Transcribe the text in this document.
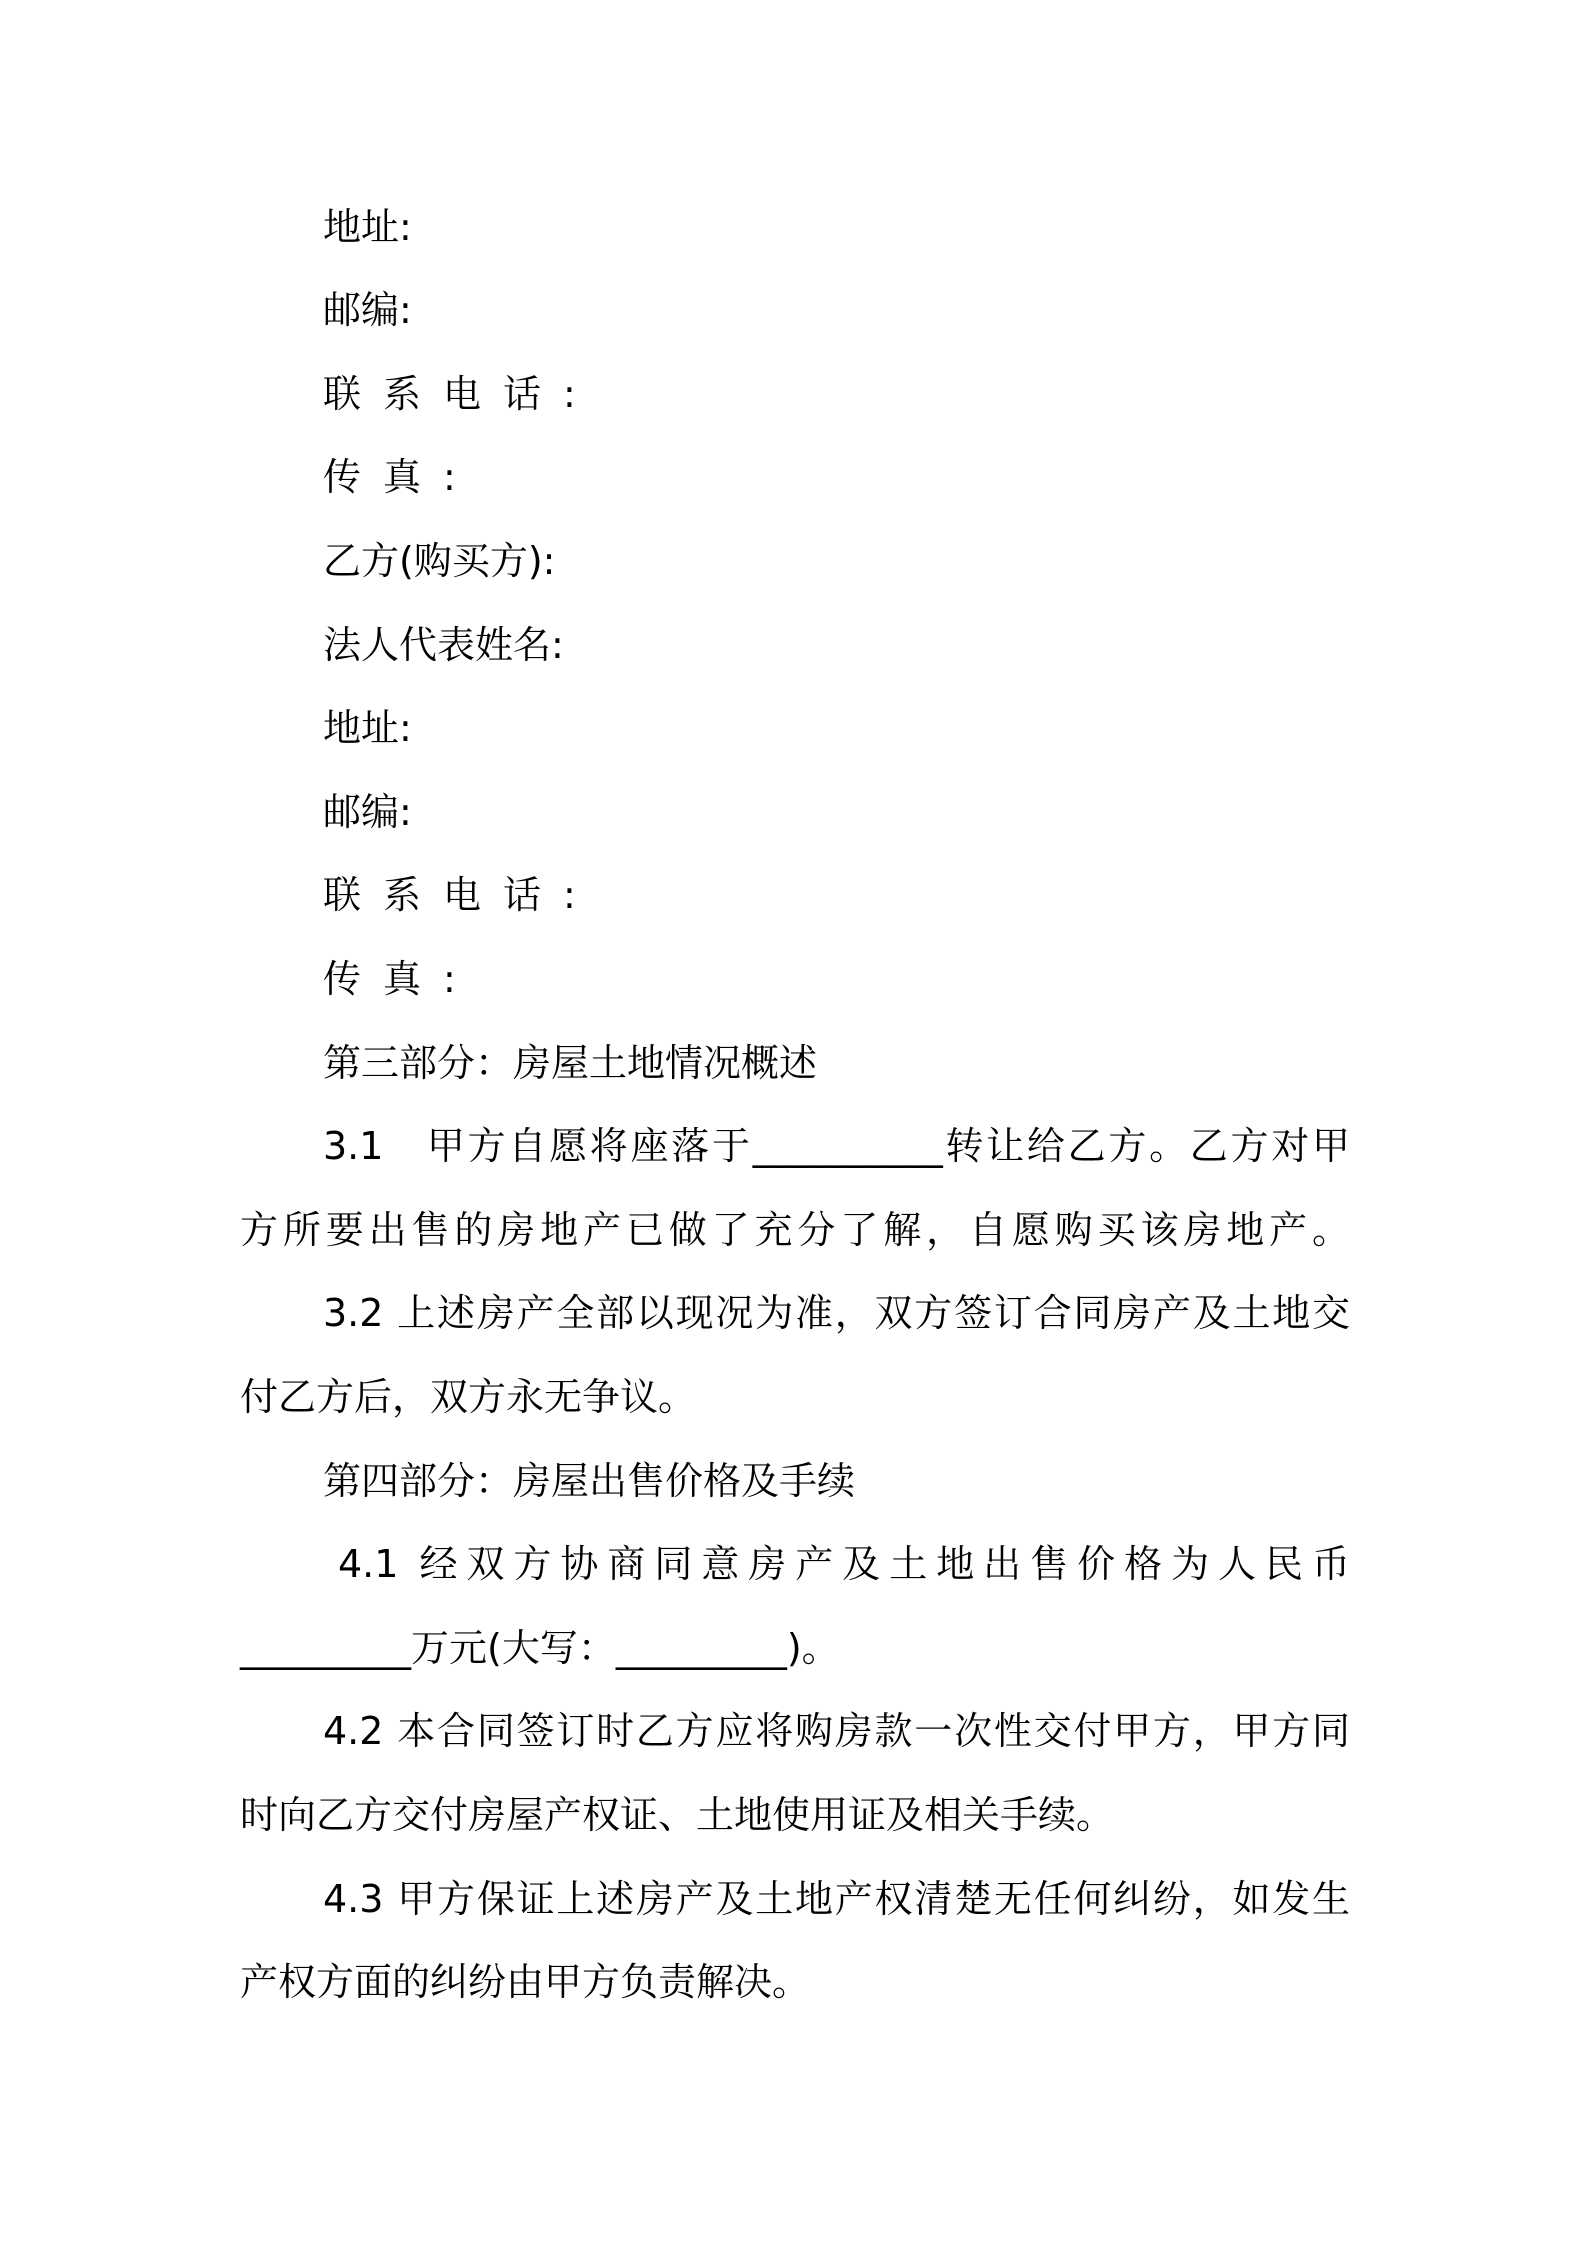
地址:
邮编:
联系电话:
传真:
乙方(购买方):
法人代表姓名:
地址:
邮编:
联系电话:
传真:
第三部分：房屋土地情况概述
3.1　甲方自愿将座落于__________转让给乙方。乙方对甲
方所要出售的房地产已做了充分了解，自愿购买该房地产。
3.2 上述房产全部以现况为准，双方签订合同房产及土地交
付乙方后，双方永无争议。
第四部分：房屋出售价格及手续
4.1 经双方协商同意房产及土地出售价格为人民币
_________万元(大写：_________)。
4.2 本合同签订时乙方应将购房款一次性交付甲方，甲方同
时向乙方交付房屋产权证、土地使用证及相关手续。
4.3 甲方保证上述房产及土地产权清楚无任何纠纷，如发生
产权方面的纠纷由甲方负责解决。
